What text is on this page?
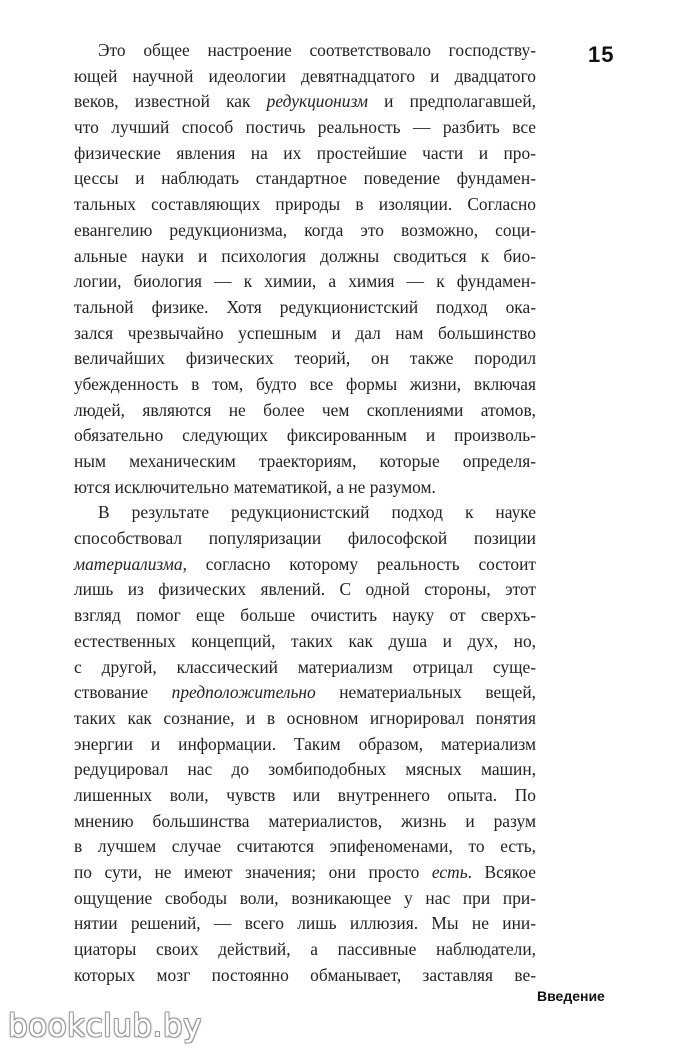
15
Это общее настроение соответствовало господству-
ющей научной идеологии девятнадцатого и двадцатого
веков, известной как редукционизм и предполагавшей,
что лучший способ постичь реальность — разбить все
физические явления на их простейшие части и про-
цессы и наблюдать стандартное поведение фундамен-
тальных составляющих природы в изоляции. Согласно
евангелию редукционизма, когда это возможно, соци-
альные науки и психология должны сводиться к био-
логии, биология — к химии, а химия — к фундамен-
тальной физике. Хотя редукционистский подход ока-
зался чрезвычайно успешным и дал нам большинство
величайших физических теорий, он также породил
убежденность в том, будто все формы жизни, включая
людей, являются не более чем скоплениями атомов,
обязательно следующих фиксированным и произволь-
ным механическим траекториям, которые определя-
ются исключительно математикой, а не разумом.
В результате редукционистский подход к науке
способствовал популяризации философской позиции
материализма, согласно которому реальность состоит
лишь из физических явлений. С одной стороны, этот
взгляд помог еще больше очистить науку от сверхъ-
естественных концепций, таких как душа и дух, но,
с другой, классический материализм отрицал суще-
ствование предположительно нематериальных вещей,
таких как сознание, и в основном игнорировал понятия
энергии и информации. Таким образом, материализм
редуцировал нас до зомбиподобных мясных машин,
лишенных воли, чувств или внутреннего опыта. По
мнению большинства материалистов, жизнь и разум
в лучшем случае считаются эпифеноменами, то есть,
по сути, не имеют значения; они просто есть. Всякое
ощущение свободы воли, возникающее у нас при при-
нятии решений, — всего лишь иллюзия. Мы не ини-
циаторы своих действий, а пассивные наблюдатели,
которых мозг постоянно обманывает, заставляя ве-
Введение
bookclub.by
